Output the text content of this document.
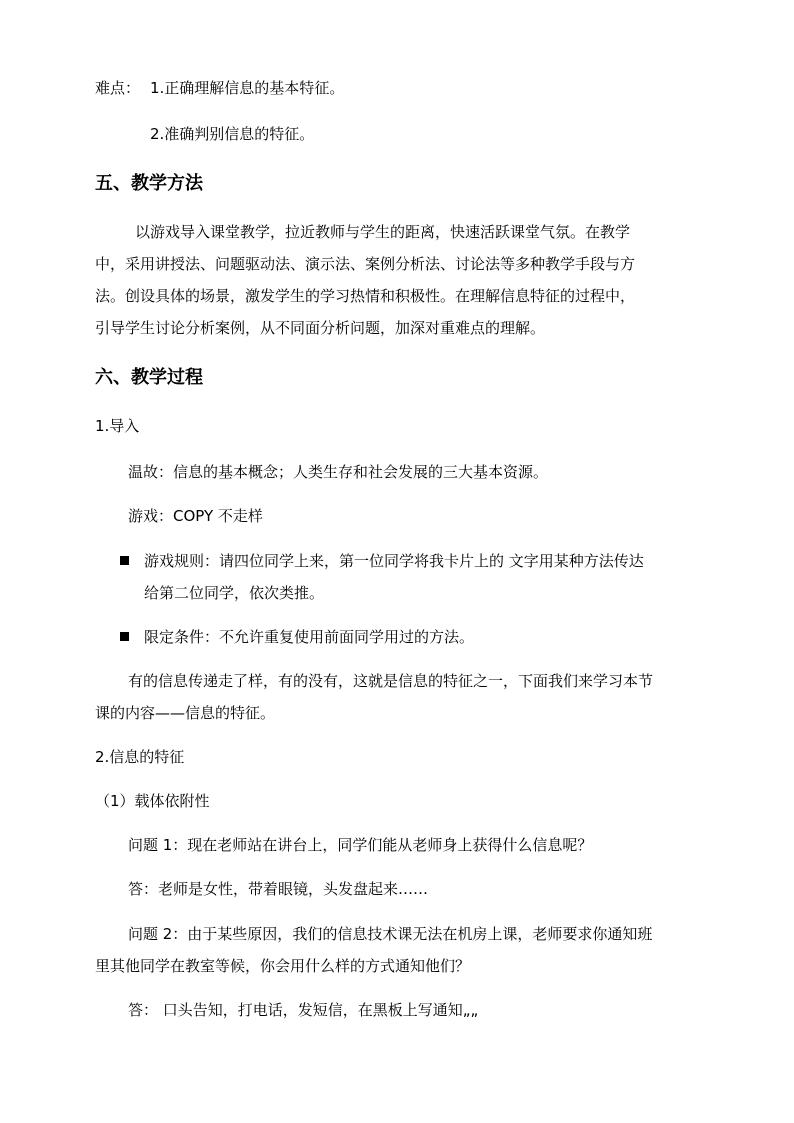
难点： 1.正确理解信息的基本特征。
2.准确判别信息的特征。
五、教学方法
以游戏导入课堂教学，拉近教师与学生的距离，快速活跃课堂气氛。在教学
中，采用讲授法、问题驱动法、演示法、案例分析法、讨论法等多种教学手段与方
法。创设具体的场景，激发学生的学习热情和积极性。在理解信息特征的过程中，
引导学生讨论分析案例，从不同面分析问题，加深对重难点的理解。
六、教学过程
1.导入
温故：信息的基本概念；人类生存和社会发展的三大基本资源。
游戏：COPY 不走样
游戏规则：请四位同学上来，第一位同学将我卡片上的 文字用某种方法传达
给第二位同学，依次类推。
限定条件：不允许重复使用前面同学用过的方法。
有的信息传递走了样，有的没有，这就是信息的特征之一，下面我们来学习本节
课的内容——信息的特征。
2.信息的特征
（1）载体依附性
问题 1：现在老师站在讲台上，同学们能从老师身上获得什么信息呢？
答：老师是女性，带着眼镜，头发盘起来……
问题 2：由于某些原因，我们的信息技术课无法在机房上课，老师要求你通知班
里其他同学在教室等候，你会用什么样的方式通知他们？
答： 口头告知，打电话，发短信，在黑板上写通知„„
